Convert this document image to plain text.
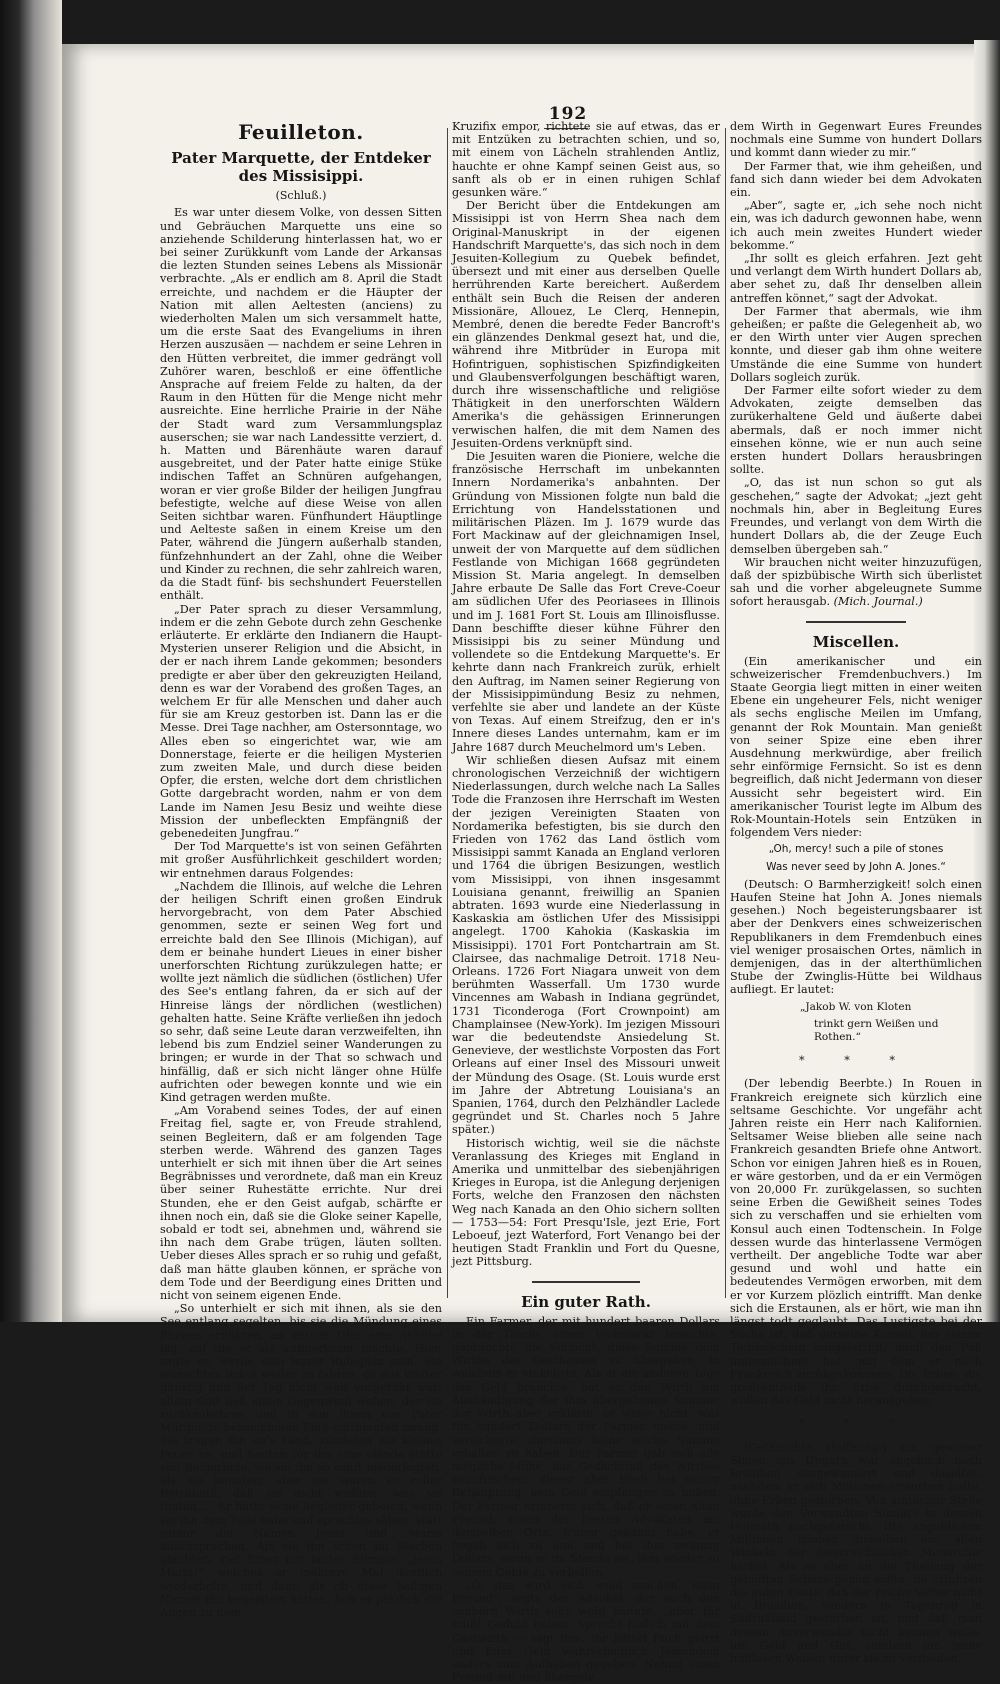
192
Feuilleton.
Pater Marquette, der Entdeker des Missisippi.
(Schluß.)

Es war unter diesem Volke, von dessen Sitten und Gebräuchen Marquette uns eine so anziehende Schilderung hinterlassen hat, wo er bei seiner Zurükkunft vom Lande der Arkansas die lezten Stunden seines Lebens als Missionär verbrachte. „Als er endlich am 8. April die Stadt erreichte, und nachdem er die Häupter der Nation mit allen Aeltesten (anciens) zu wiederholten Malen um sich versammelt hatte, um die erste Saat des Evangeliums in ihren Herzen auszusäen — nachdem er seine Lehren in den Hütten verbreitet, die immer gedrängt voll Zuhörer waren, beschloß er eine öffentliche Ansprache auf freiem Felde zu halten, da der Raum in den Hütten für die Menge nicht mehr ausreichte. Eine herrliche Prairie in der Nähe der Stadt ward zum Versammlungsplaz auserschen; sie war nach Landessitte verziert, d. h. Matten und Bärenhäute waren darauf ausgebreitet, und der Pater hatte einige Stüke indischen Taffet an Schnüren aufgehangen, woran er vier große Bilder der heiligen Jungfrau befestigte, welche auf diese Weise von allen Seiten sichtbar waren. Fünfhundert Häuptlinge und Aelteste saßen in einem Kreise um den Pater, während die Jüngern außerhalb standen, fünfzehnhundert an der Zahl, ohne die Weiber und Kinder zu rechnen, die sehr zahlreich waren, da die Stadt fünf- bis sechshundert Feuerstellen enthält.

„Der Pater sprach zu dieser Versammlung, indem er die zehn Gebote durch zehn Geschenke erläuterte. Er erklärte den Indianern die Haupt-Mysterien unserer Religion und die Absicht, in der er nach ihrem Lande gekommen; besonders predigte er aber über den gekreuzigten Heiland, denn es war der Vorabend des großen Tages, an welchem Er für alle Menschen und daher auch für sie am Kreuz gestorben ist. Dann las er die Messe. Drei Tage nachher, am Ostersonntage, wo Alles eben so eingerichtet war, wie am Donnerstage, feierte er die heiligen Mysterien zum zweiten Male, und durch diese beiden Opfer, die ersten, welche dort dem christlichen Gotte dargebracht worden, nahm er von dem Lande im Namen Jesu Besiz und weihte diese Mission der unbefleckten Empfängniß der gebenedeiten Jungfrau.“

Der Tod Marquette's ist von seinen Gefährten mit großer Ausführlichkeit geschildert worden; wir entnehmen daraus Folgendes:

„Nachdem die Illinois, auf welche die Lehren der heiligen Schrift einen großen Eindruk hervorgebracht, von dem Pater Abschied genommen, sezte er seinen Weg fort und erreichte bald den See Illinois (Michigan), auf dem er beinahe hundert Lieues in einer bisher unerforschten Richtung zurükzulegen hatte; er wollte jezt nämlich die südlichen (östlichen) Ufer des See's entlang fahren, da er sich auf der Hinreise längs der nördlichen (westlichen) gehalten hatte. Seine Kräfte verließen ihn jedoch so sehr, daß seine Leute daran verzweifelten, ihn lebend bis zum Endziel seiner Wanderungen zu bringen; er wurde in der That so schwach und hinfällig, daß er sich nicht länger ohne Hülfe aufrichten oder bewegen konnte und wie ein Kind getragen werden mußte.

„Am Vorabend seines Todes, der auf einen Freitag fiel, sagte er, von Freude strahlend, seinen Begleitern, daß er am folgenden Tage sterben werde. Während des ganzen Tages unterhielt er sich mit ihnen über die Art seines Begräbnisses und verordnete, daß man ein Kreuz über seiner Ruhestätte errichte. Nur drei Stunden, ehe er den Geist aufgab, schärfte er ihnen noch ein, daß sie die Gloke seiner Kapelle, sobald er todt sei, abnehmen und, während sie ihn nach dem Grabe trügen, läuten sollten. Ueber dieses Alles sprach er so ruhig und gefaßt, daß man hätte glauben können, er spräche von dem Tode und der Beerdigung eines Dritten und nicht von seinem eigenen Ende.

„So unterhielt er sich mit ihnen, als sie den See entlang segelten, bis sie die Mündung eines Flusses erblikten, an dessen Ufer eine Anhöhe lag, auf die er sie aufmerksam machte. Hier, sagte er, werde sein lezter Ruheplaz sein. Sie wünschten indeß weiter zu fahren, da das Wetter günstig und der Tag nicht weit vorgerükt war; allein Gott ließ einen Gegenwind wehen, der sie zurükzukehren und in den ihnen von Pater Marquette bezeichneten Fluß einzulaufen zwang. Sie trugen ihn an's Land, zündeten ein kleines Feuer an, und bauten für ihn eine elende Hütte von Baumrinde, wo sie ihn so sanft niederlegten, als sie konnten; aber sie waren so voller Betrübniß, daß sie nicht wußten, was sie thaten..... Er hatte seine Begleiter gebeten, wenn sie ihn dem Tode nahe und sprachlos sähen, statt seiner die Namen Jesus und Maria auszusprechen. Als sie ihn schon im Sterben glaubten, rief Einer mit lauter Stimme: „Jesus Maria!“ welches er mehrere Mal deutlich wiederholte, und dann als ob diese heiligen Namen ihn begeistert hätten, hob er plözlich die Augen zu dem

Kruzifix empor, richtete sie auf etwas, das er mit Entzüken zu betrachten schien, und so, mit einem von Lächeln strahlenden Antliz, hauchte er ohne Kampf seinen Geist aus, so sanft als ob er in einen ruhigen Schlaf gesunken wäre.“

Der Bericht über die Entdekungen am Missisippi ist von Herrn Shea nach dem Original-Manuskript in der eigenen Handschrift Marquette's, das sich noch in dem Jesuiten-Kollegium zu Quebek befindet, übersezt und mit einer aus derselben Quelle herrührenden Karte bereichert. Außerdem enthält sein Buch die Reisen der anderen Missionäre, Allouez, Le Clerq, Hennepin, Membré, denen die beredte Feder Bancroft's ein glänzendes Denkmal gesezt hat, und die, während ihre Mitbrüder in Europa mit Hofintriguen, sophistischen Spizfindigkeiten und Glaubensverfolgungen beschäftigt waren, durch ihre wissenschaftliche und religiöse Thätigkeit in den unerforschten Wäldern Amerika's die gehässigen Erinnerungen verwischen halfen, die mit dem Namen des Jesuiten-Ordens verknüpft sind.

Die Jesuiten waren die Pioniere, welche die französische Herrschaft im unbekannten Innern Nordamerika's anbahnten. Der Gründung von Missionen folgte nun bald die Errichtung von Handelsstationen und militärischen Pläzen. Im J. 1679 wurde das Fort Mackinaw auf der gleichnamigen Insel, unweit der von Marquette auf dem südlichen Festlande von Michigan 1668 gegründeten Mission St. Maria angelegt. In demselben Jahre erbaute De Salle das Fort Creve-Coeur am südlichen Ufer des Peoriasees in Illinois und im J. 1681 Fort St. Louis am Illinoisflusse. Dann beschiffte dieser kühne Führer den Missisippi bis zu seiner Mündung und vollendete so die Entdekung Marquette's. Er kehrte dann nach Frankreich zurük, erhielt den Auftrag, im Namen seiner Regierung von der Missisippimündung Besiz zu nehmen, verfehlte sie aber und landete an der Küste von Texas. Auf einem Streifzug, den er in's Innere dieses Landes unternahm, kam er im Jahre 1687 durch Meuchelmord um's Leben.

Wir schließen diesen Aufsaz mit einem chronologischen Verzeichniß der wichtigern Niederlassungen, durch welche nach La Salles Tode die Franzosen ihre Herrschaft im Westen der jezigen Vereinigten Staaten von Nordamerika befestigten, bis sie durch den Frieden von 1762 das Land östlich vom Missisippi sammt Kanada an England verloren und 1764 die übrigen Besizungen, westlich vom Missisippi, von ihnen insgesammt Louisiana genannt, freiwillig an Spanien abtraten. 1693 wurde eine Niederlassung in Kaskaskia am östlichen Ufer des Missisippi angelegt. 1700 Kahokia (Kaskaskia im Missisippi). 1701 Fort Pontchartrain am St. Clairsee, das nachmalige Detroit. 1718 Neu-Orleans. 1726 Fort Niagara unweit von dem berühmten Wasserfall. Um 1730 wurde Vincennes am Wabash in Indiana gegründet, 1731 Ticonderoga (Fort Crownpoint) am Champlainsee (New-York). Im jezigen Missouri war die bedeutendste Ansiedelung St. Genevieve, der westlichste Vorposten das Fort Orleans auf einer Insel des Missouri unweit der Mündung des Osage. (St. Louis wurde erst im Jahre der Abtretung Louisiana's an Spanien, 1764, durch den Pelzhändler Laclede gegründet und St. Charles noch 5 Jahre später.)

Historisch wichtig, weil sie die nächste Veranlassung des Krieges mit England in Amerika und unmittelbar des siebenjährigen Krieges in Europa, ist die Anlegung derjenigen Forts, welche den Franzosen den nächsten Weg nach Kanada an den Ohio sichern sollten — 1753—54: Fort Presqu'Isle, jezt Erie, Fort Leboeuf, jezt Waterford, Fort Venango bei der heutigen Stadt Franklin und Fort du Quesne, jezt Pittsburg.

Ein guter Rath.

Ein Farmer, der mit hundert baaren Dollars in der Tasche einen Viehmarkt besuchte, gebrauchte die Vorsicht, diese Summe dem Wirthe des Gasthauses zu übergeben, in welchem er einkehrte. Als er am anderen Tage das Geld brauchte, bat er den Wirth um Aushändigung der ihm übergebenen Summe; der Wirth aber erklärte, er wisse nicht, was für hundert Dollars der Farmer meine, und versicherte, durchaus keine solche Summe erhalten zu haben. Der Farmer gab sich alle mögliche Mühe, das Gedächtniß des Wirthes anzufrischen; dieser aber blieb bei seiner Behauptung, kein Geld empfangen zu haben. Der Farmer erinnerte sich, daß er einen alten Freund, einen der besten Advokaten am demselben Orte, früher gekannt habe, er begab sich zu ihm und bot ihm zwanzig Dollars, wenn er im Stande sei, ihm wieder zu seinem Gelde zu verhelfen.

„O, das wird sich wohl machen, mein Freund“, sagte der Advokat, der auch den saubern Wirth sehr wohl kannte, „aber Ihr müßt Geduld haben. Sprecht höflich mit dem Gastwirth — sagt ihm, Ihr hättet Euch geirrt und Euer Geld wahrscheinlich Jemandem anders zum Aufheben gegeben. Nehmt einen Freund mit und übergebt

dem Wirth in Gegenwart Eures Freundes nochmals eine Summe von hundert Dollars und kommt dann wieder zu mir.“

Der Farmer that, wie ihm geheißen, und fand sich dann wieder bei dem Advokaten ein.

„Aber“, sagte er, „ich sehe noch nicht ein, was ich dadurch gewonnen habe, wenn ich auch mein zweites Hundert wieder bekomme.“

„Ihr sollt es gleich erfahren. Jezt geht und verlangt dem Wirth hundert Dollars ab, aber sehet zu, daß Ihr denselben allein antreffen könnet,“ sagt der Advokat.

Der Farmer that abermals, wie ihm geheißen; er paßte die Gelegenheit ab, wo er den Wirth unter vier Augen sprechen konnte, und dieser gab ihm ohne weitere Umstände die eine Summe von hundert Dollars sogleich zurük.

Der Farmer eilte sofort wieder zu dem Advokaten, zeigte demselben das zurükerhaltene Geld und äußerte dabei abermals, daß er noch immer nicht einsehen könne, wie er nun auch seine ersten hundert Dollars herausbringen sollte.

„O, das ist nun schon so gut als geschehen,“ sagte der Advokat; „jezt geht nochmals hin, aber in Begleitung Eures Freundes, und verlangt von dem Wirth die hundert Dollars ab, die der Zeuge Euch demselben übergeben sah.“

Wir brauchen nicht weiter hinzuzufügen, daß der spizbübische Wirth sich überlistet sah und die vorher abgeleugnete Summe sofort herausgab. (Mich. Journal.)

Miscellen.

(Ein amerikanischer und ein schweizerischer Fremdenbuchvers.) Im Staate Georgia liegt mitten in einer weiten Ebene ein ungeheurer Fels, nicht weniger als sechs englische Meilen im Umfang, genannt der Rok Mountain. Man genießt von seiner Spize eine eben ihrer Ausdehnung merkwürdige, aber freilich sehr einförmige Fernsicht. So ist es denn begreiflich, daß nicht Jedermann von dieser Aussicht sehr begeistert wird. Ein amerikanischer Tourist legte im Album des Rok-Mountain-Hotels sein Entzüken in folgendem Vers nieder:

„Oh, mercy! such a pile of stones
Was never seed by John A. Jones.“

(Deutsch: O Barmherzigkeit! solch einen Haufen Steine hat John A. Jones niemals gesehen.) Noch begeisterungsbaarer ist aber der Denkvers eines schweizerischen Republikaners in dem Fremdenbuch eines viel weniger prosaischen Ortes, nämlich in demjenigen, das in der alterthümlichen Stube der Zwinglis-Hütte bei Wildhaus aufliegt. Er lautet:

„Jakob W. von Kloten
trinkt gern Weißen und Rothen.“
* * *

(Der lebendig Beerbte.) In Rouen in Frankreich ereignete sich kürzlich eine seltsame Geschichte. Vor ungefähr acht Jahren reiste ein Herr nach Kalifornien. Seltsamer Weise blieben alle seine nach Frankreich gesandten Briefe ohne Antwort. Schon vor einigen Jahren hieß es in Rouen, er wäre gestorben, und da er ein Vermögen von 20,000 Fr. zurükgelassen, so suchten seine Erben die Gewißheit seines Todes sich zu verschaffen und sie erhielten vom Konsul auch einen Todtenschein. In Folge dessen wurde das hinterlassene Vermögen vertheilt. Der angebliche Todte war aber gesund und wohl und hatte ein bedeutendes Vermögen erworben, mit dem er vor Kurzem plözlich eintrifft. Man denke sich die Erstaunen, als er hört, wie man ihn längst todt geglaubt. Das Lustigste bei der Sache ist, daß derselbe Konsul, der seinen Todtenschein ausgefertigt, auch den Paß unterzeichnet hat, mit dem er nach Frankreich zurükgekommen. Die Erben, die größtentheils ihr Erbe durchgebracht, wollen das Geld nicht herausgeben.

* * *

(Getäuschte Hoffnung.) Ein gewisser Simon aus Ungarn war angeblich nach Brasilien ausgewandert und daselbst, nachdem er sich Millionen erworben hatte, ohne Erben gestorben. Von amtlicher Stelle wurde den Verwandten Simon's in dessen Heimath nachgeforscht. Die angeblichen Millionen trieben dieselben aus allen Winkeln der österreichischen Monarchie herbei. Als es aber an die Theilung der gehofften Schäze gehen sollte, da erfuhren die guten Leute, daß der reiche Vetter nicht in Brasilien, sondern in Taganrog in Südrußland gestorben ist, und daß man dessen Anverwandte nicht kennen wolle, um Geld und Gut, sondern um seine hülflosen Waisen unter sie zu vertheilen.
